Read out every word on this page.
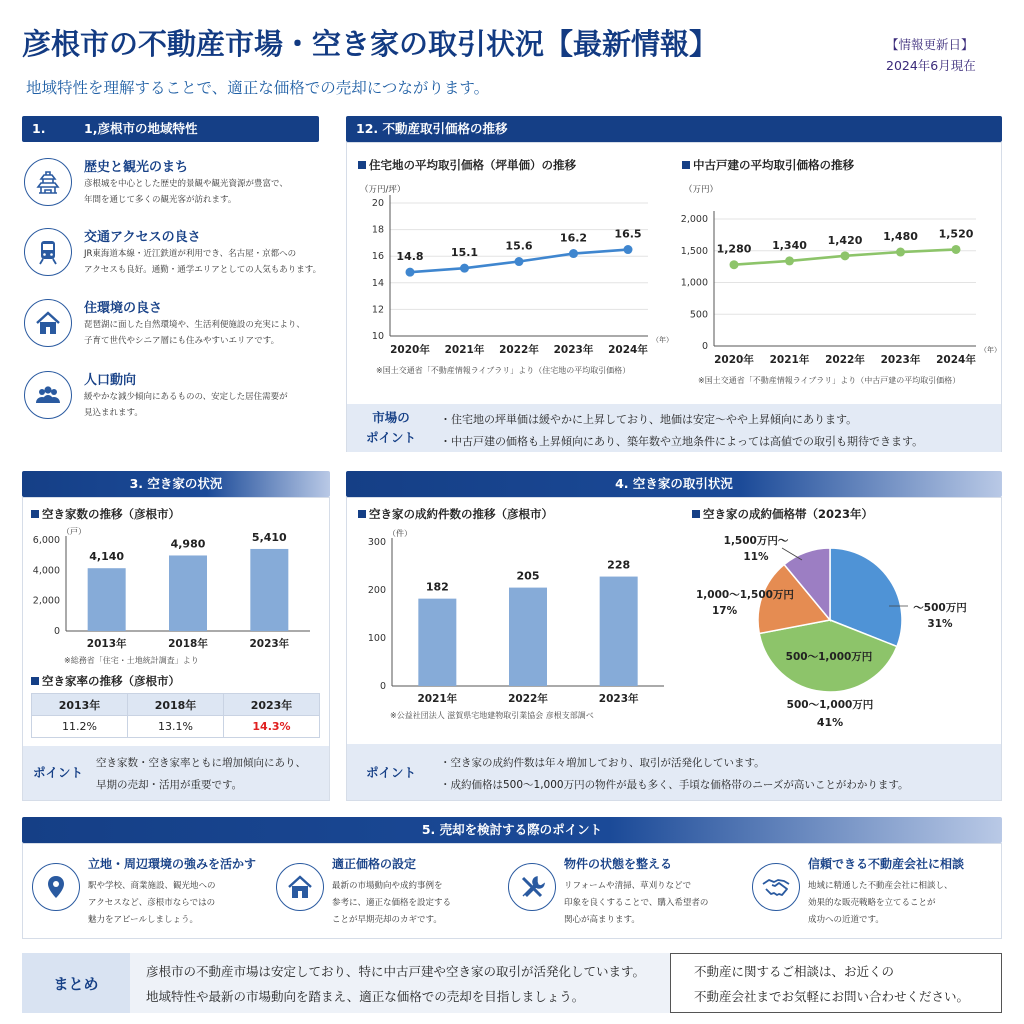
彦根市の不動産市場・空き家の取引状況【最新情報】	【情報更新日】
2024年6月現在
地域特性を理解することで、適正な価格での売却につながります。
1.	1,彦根市の地域特性
歴史と観光のまち
彦根城を中心とした歴史的景観や観光資源が豊富で、
年間を通じて多くの観光客が訪れます。
交通アクセスの良さ
JR東海道本線・近江鉄道が利用でき、名古屋・京都への
アクセスも良好。通勤・通学エリアとしての人気もあります。
住環境の良さ
琵琶湖に面した自然環境や、生活利便施設の充実により、
子育て世代やシニア層にも住みやすいエリアです。
人口動向
緩やかな減少傾向にあるものの、安定した居住需要が
見込まれます。
12. 不動産取引価格の推移
住宅地の平均取引価格（坪単価）の推移	中古戸建の平均取引価格の推移
（万円/坪）
20
18
16
14
12
10
14.8
2020年
15.1
2021年
15.6
2022年
16.2
2023年
16.5
2024年
（年）
※国土交通省「不動産情報ライブラリ」より（住宅地の平均取引価格）
（万円）
2,000
1,500
1,000
500
0
1,280
2020年
1,340
2021年
1,420
2022年
1,480
2023年
1,520
2024年
（年）
※国土交通省「不動産情報ライブラリ」より（中古戸建の平均取引価格）
市場の
ポイント
・住宅地の坪単価は緩やかに上昇しており、地価は安定〜やや上昇傾向にあります。
・中古戸建の価格も上昇傾向にあり、築年数や立地条件によっては高値での取引も期待できます。
3. 空き家の状況
空き家数の推移（彦根市）
（戸）
6,000
4,000
2,000
0
4,140
2013年
4,980
2018年
5,410
2023年
※総務省「住宅・土地統計調査」より
空き家率の推移（彦根市）
2013年	2018年	2023年
11.2%	13.1%	14.3%
ポイント
空き家数・空き家率ともに増加傾向にあり、
早期の売却・活用が重要です。
4. 空き家の取引状況
空き家の成約件数の推移（彦根市）	空き家の成約価格帯（2023年）
（件）
300
200
100
0
182
2021年
205
2022年
228
2023年
※公益社団法人 滋賀県宅地建物取引業協会 彦根支部調べ
〜500万円
31%
500〜1,000万円
500〜1,000万円
41%
1,000〜1,500万円
17%
1,500万円〜
11%
ポイント
・空き家の成約件数は年々増加しており、取引が活発化しています。
・成約価格は500〜1,000万円の物件が最も多く、手頃な価格帯のニーズが高いことがわかります。
5. 売却を検討する際のポイント
立地・周辺環境の強みを活かす
駅や学校、商業施設、観光地への
アクセスなど、彦根市ならではの
魅力をアピールしましょう。
適正価格の設定
最新の市場動向や成約事例を
参考に、適正な価格を設定する
ことが早期売却のカギです。
物件の状態を整える
リフォームや清掃、草刈りなどで
印象を良くすることで、購入希望者の
関心が高まります。
信頼できる不動産会社に相談
地域に精通した不動産会社に相談し、
効果的な販売戦略を立てることが
成功への近道です。
まとめ
彦根市の不動産市場は安定しており、特に中古戸建や空き家の取引が活発化しています。
地域特性や最新の市場動向を踏まえ、適正な価格での売却を目指しましょう。
不動産に関するご相談は、お近くの
不動産会社までお気軽にお問い合わせください。
